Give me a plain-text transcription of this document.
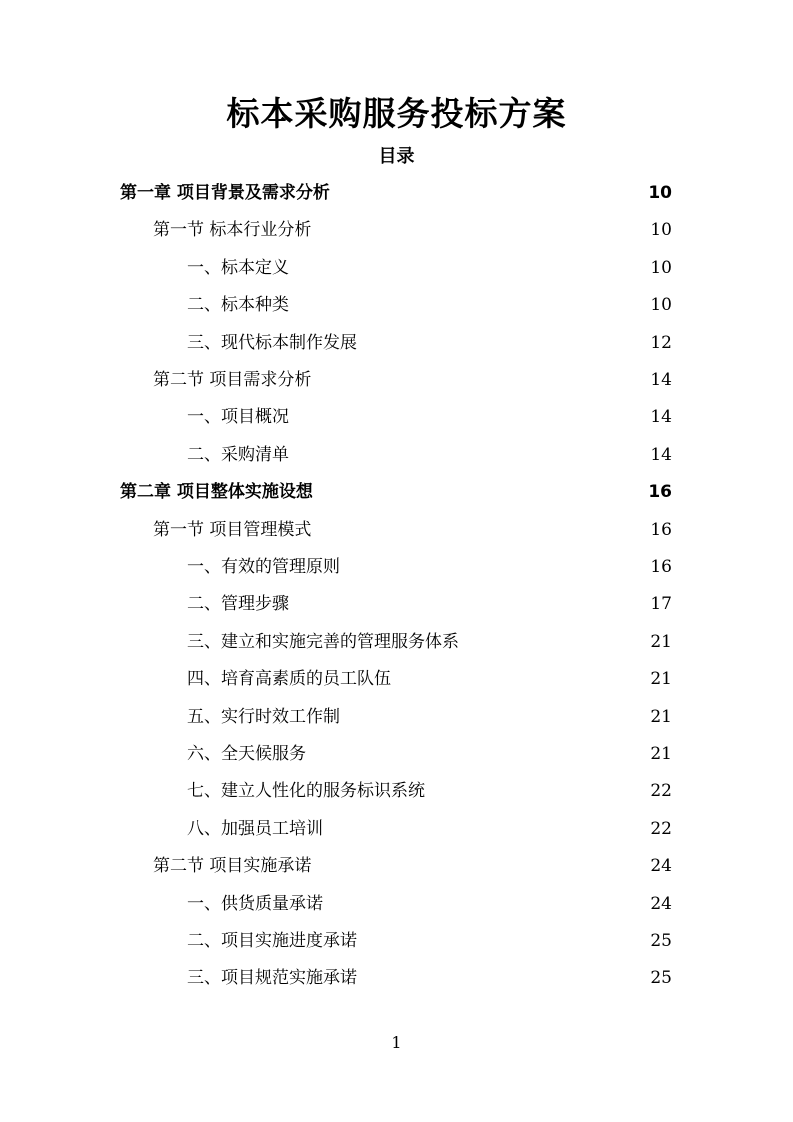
标本采购服务投标方案
目录
第一章 项目背景及需求分析	10
第一节 标本行业分析	10
一、标本定义	10
二、标本种类	10
三、现代标本制作发展	12
第二节 项目需求分析	14
一、项目概况	14
二、采购清单	14
第二章 项目整体实施设想	16
第一节 项目管理模式	16
一、有效的管理原则	16
二、管理步骤	17
三、建立和实施完善的管理服务体系	21
四、培育高素质的员工队伍	21
五、实行时效工作制	21
六、全天候服务	21
七、建立人性化的服务标识系统	22
八、加强员工培训	22
第二节 项目实施承诺	24
一、供货质量承诺	24
二、项目实施进度承诺	25
三、项目规范实施承诺	25
1
